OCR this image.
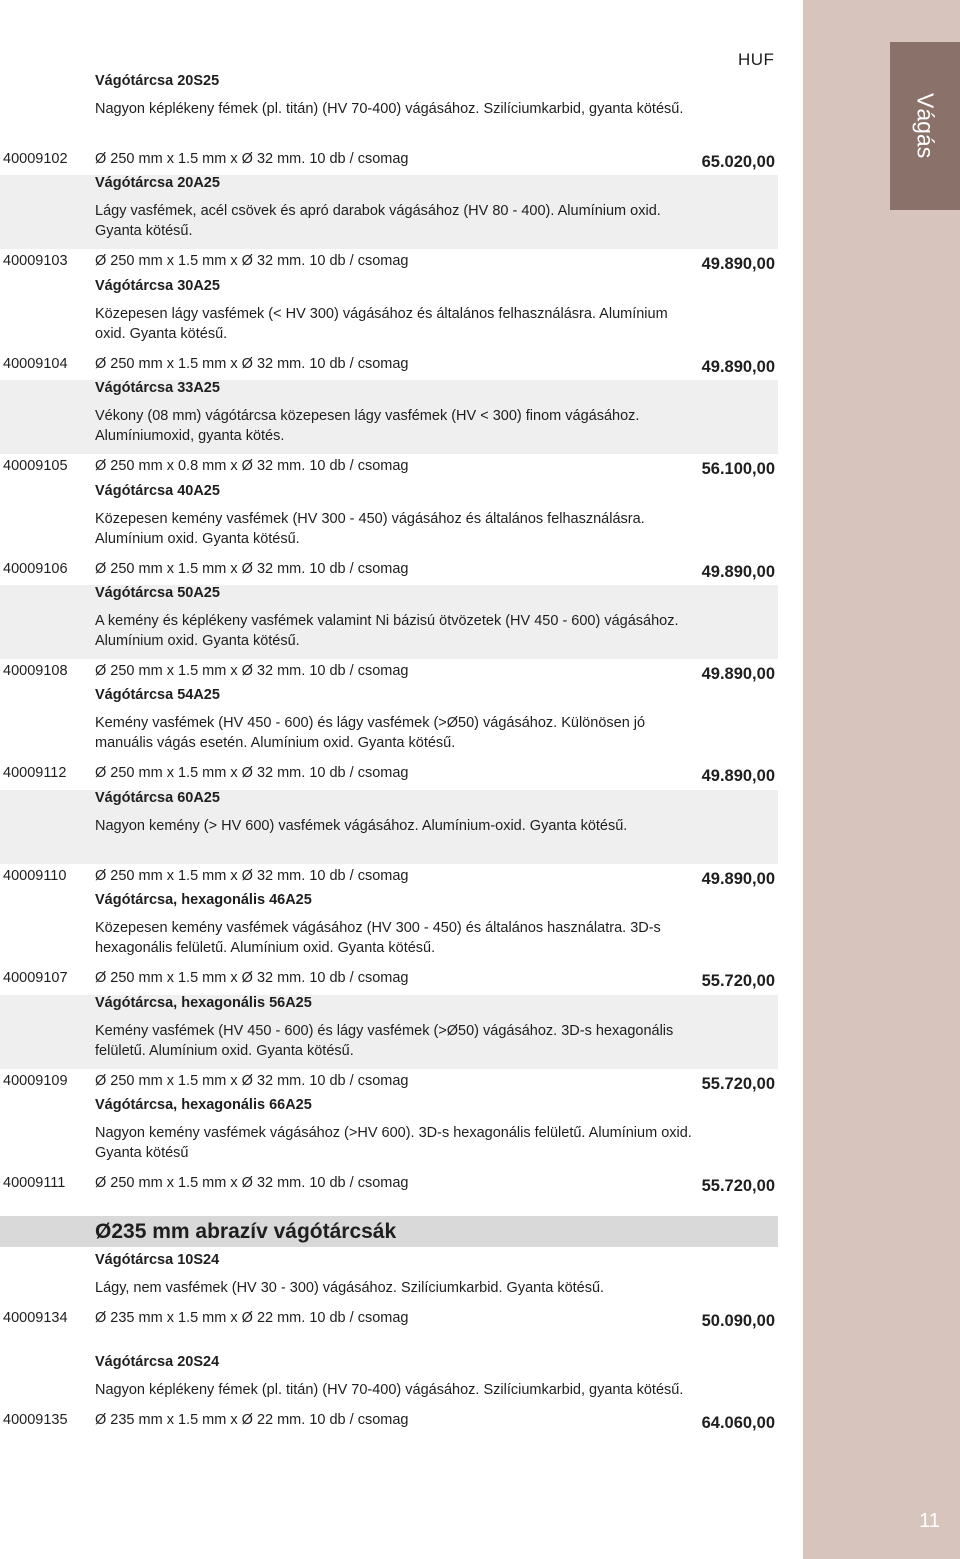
HUF
Vágótárcsa 20S25
Nagyon képlékeny fémek (pl. titán) (HV 70-400) vágásához. Szilíciumkarbid, gyanta kötésű.
40009102 Ø 250 mm x 1.5 mm x Ø 32 mm. 10 db / csomag	65.020,00
Vágótárcsa 20A25
Lágy vasfémek, acél csövek és apró darabok vágásához (HV 80 - 400). Alumínium oxid. Gyanta kötésű.
40009103 Ø 250 mm x 1.5 mm x Ø 32 mm. 10 db / csomag	49.890,00
Vágótárcsa 30A25
Közepesen lágy vasfémek (< HV 300) vágásához és általános felhasználásra. Alumínium oxid. Gyanta kötésű.
40009104 Ø 250 mm x 1.5 mm x Ø 32 mm. 10 db / csomag	49.890,00
Vágótárcsa 33A25
Vékony (08 mm) vágótárcsa közepesen lágy vasfémek (HV < 300) finom vágásához. Alumíniumoxid, gyanta kötés.
40009105 Ø 250 mm x 0.8 mm x Ø 32 mm. 10 db / csomag	56.100,00
Vágótárcsa 40A25
Közepesen kemény vasfémek (HV 300 - 450) vágásához és általános felhasználásra. Alumínium oxid. Gyanta kötésű.
40009106 Ø 250 mm x 1.5 mm x Ø 32 mm. 10 db / csomag	49.890,00
Vágótárcsa 50A25
A kemény és képlékeny vasfémek valamint Ni bázisú ötvözetek (HV 450 - 600) vágásához. Alumínium oxid. Gyanta kötésű.
40009108 Ø 250 mm x 1.5 mm x Ø 32 mm. 10 db / csomag	49.890,00
Vágótárcsa 54A25
Kemény vasfémek (HV 450 - 600) és lágy vasfémek (>Ø50) vágásához. Különösen jó manuális vágás esetén. Alumínium oxid. Gyanta kötésű.
40009112 Ø 250 mm x 1.5 mm x Ø 32 mm. 10 db / csomag	49.890,00
Vágótárcsa 60A25
Nagyon kemény (> HV 600) vasfémek vágásához. Alumínium-oxid. Gyanta kötésű.
40009110 Ø 250 mm x 1.5 mm x Ø 32 mm. 10 db / csomag	49.890,00
Vágótárcsa, hexagonális 46A25
Közepesen kemény vasfémek vágásához (HV 300 - 450) és általános használatra. 3D-s hexagonális felületű. Alumínium oxid. Gyanta kötésű.
40009107 Ø 250 mm x 1.5 mm x Ø 32 mm. 10 db / csomag	55.720,00
Vágótárcsa, hexagonális 56A25
Kemény vasfémek (HV 450 - 600) és lágy vasfémek (>Ø50) vágásához. 3D-s hexagonális felületű. Alumínium oxid. Gyanta kötésű.
40009109 Ø 250 mm x 1.5 mm x Ø 32 mm. 10 db / csomag	55.720,00
Vágótárcsa, hexagonális 66A25
Nagyon kemény vasfémek vágásához (>HV 600). 3D-s hexagonális felületű. Alumínium oxid. Gyanta kötésű
40009111 Ø 250 mm x 1.5 mm x Ø 32 mm. 10 db / csomag	55.720,00
Ø235 mm abrazív vágótárcsák
Vágótárcsa 10S24
Lágy, nem vasfémek (HV 30 - 300) vágásához. Szilíciumkarbid. Gyanta kötésű.
40009134 Ø 235 mm x 1.5 mm x Ø 22 mm. 10 db / csomag	50.090,00
Vágótárcsa 20S24
Nagyon képlékeny fémek (pl. titán) (HV 70-400) vágásához. Szilíciumkarbid, gyanta kötésű.
40009135 Ø 235 mm x 1.5 mm x Ø 22 mm. 10 db / csomag	64.060,00
Vágás
11
